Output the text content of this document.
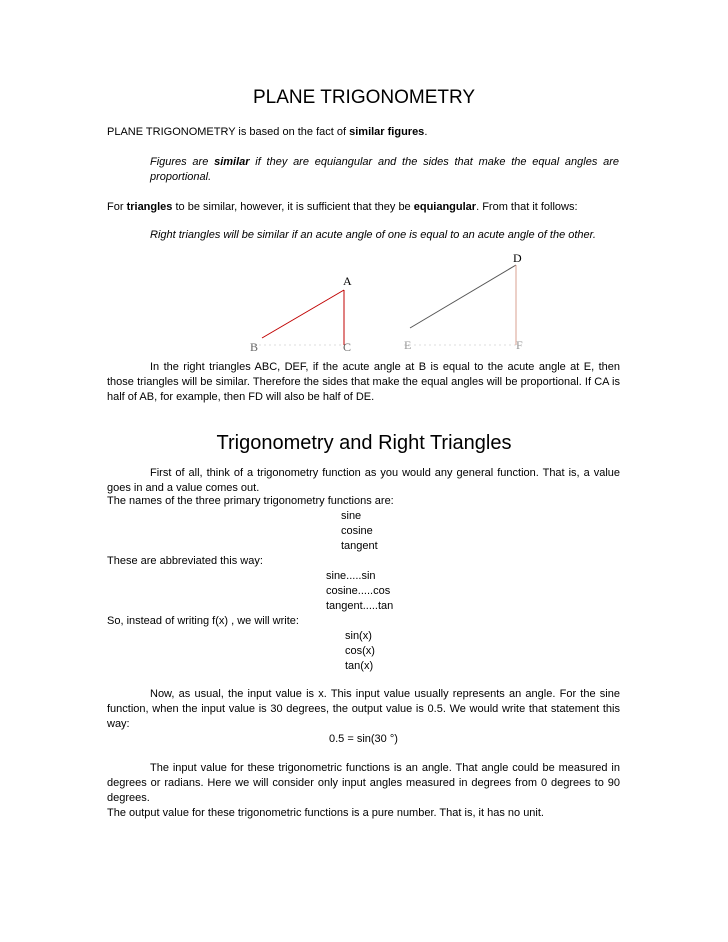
PLANE TRIGONOMETRY

PLANE TRIGONOMETRY is based on the fact of similar figures.

Figures are similar if they are equiangular and the sides that make the equal angles are proportional.

For triangles to be similar, however, it is sufficient that they be equiangular. From that it follows:

Right triangles will be similar if an acute angle of one is equal to an acute angle of the other.

A
C
B
D
F
E

In the right triangles ABC, DEF, if the acute angle at B is equal to the acute angle at E, then those triangles will be similar. Therefore the sides that make the equal angles will be proportional. If CA is half of AB, for example, then FD will also be half of DE.

Trigonometry and Right Triangles

First of all, think of a trigonometry function as you would any general function. That is, a value goes in and a value comes out.

The names of the three primary trigonometry functions are:

sine

cosine

tangent

These are abbreviated this way:

sine.....sin

cosine.....cos

tangent.....tan

So, instead of writing f(x) , we will write:

sin(x)

cos(x)

tan(x)

Now, as usual, the input value is x. This input value usually represents an angle. For the sine function, when the input value is 30 degrees, the output value is 0.5. We would write that statement this way:

0.5 = sin(30 °)

The input value for these trigonometric functions is an angle. That angle could be measured in degrees or radians. Here we will consider only input angles measured in degrees from 0 degrees to 90 degrees.

The output value for these trigonometric functions is a pure number. That is, it has no unit.
